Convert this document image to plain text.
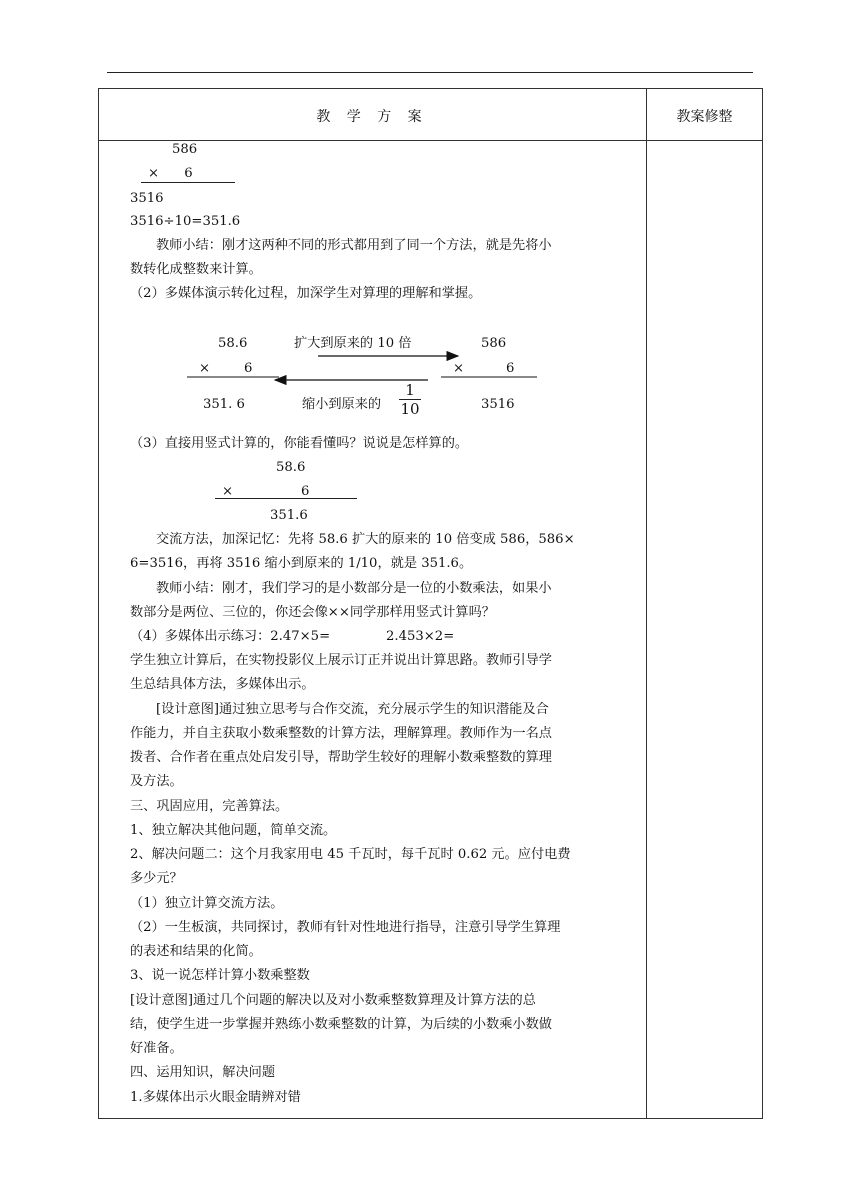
教 学 方 案	教案修整
586
×      6
3516
3516÷10=351.6
教师小结：刚才这两种不同的形式都用到了同一个方法，就是先将小
数转化成整数来计算。
（2）多媒体演示转化过程，加深学生对算理的理解和掌握。
58.6
×	6
351. 6
扩大到原来的 10 倍
缩小到原来的
1
10
586
×	6
3516
（3）直接用竖式计算的，你能看懂吗？说说是怎样算的。
58.6
×	6
351.6
交流方法，加深记忆：先将 58.6 扩大的原来的 10 倍变成 586，586×
6=3516，再将 3516 缩小到原来的 1/10，就是 351.6。
教师小结：刚才，我们学习的是小数部分是一位的小数乘法，如果小
数部分是两位、三位的，你还会像××同学那样用竖式计算吗？
（4）多媒体出示练习：2.47×5=	2.453×2=
学生独立计算后，在实物投影仪上展示订正并说出计算思路。教师引导学
生总结具体方法，多媒体出示。
[设计意图]通过独立思考与合作交流，充分展示学生的知识潜能及合
作能力，并自主获取小数乘整数的计算方法，理解算理。教师作为一名点
拨者、合作者在重点处启发引导，帮助学生较好的理解小数乘整数的算理
及方法。
三、巩固应用，完善算法。
1、独立解决其他问题，简单交流。
2、解决问题二：这个月我家用电 45 千瓦时，每千瓦时 0.62 元。应付电费
多少元？
（1）独立计算交流方法。
（2）一生板演，共同探讨，教师有针对性地进行指导，注意引导学生算理
的表述和结果的化简。
3、说一说怎样计算小数乘整数
[设计意图]通过几个问题的解决以及对小数乘整数算理及计算方法的总
结，使学生进一步掌握并熟练小数乘整数的计算，为后续的小数乘小数做
好准备。
四、运用知识，解决问题
1.多媒体出示火眼金睛辨对错
